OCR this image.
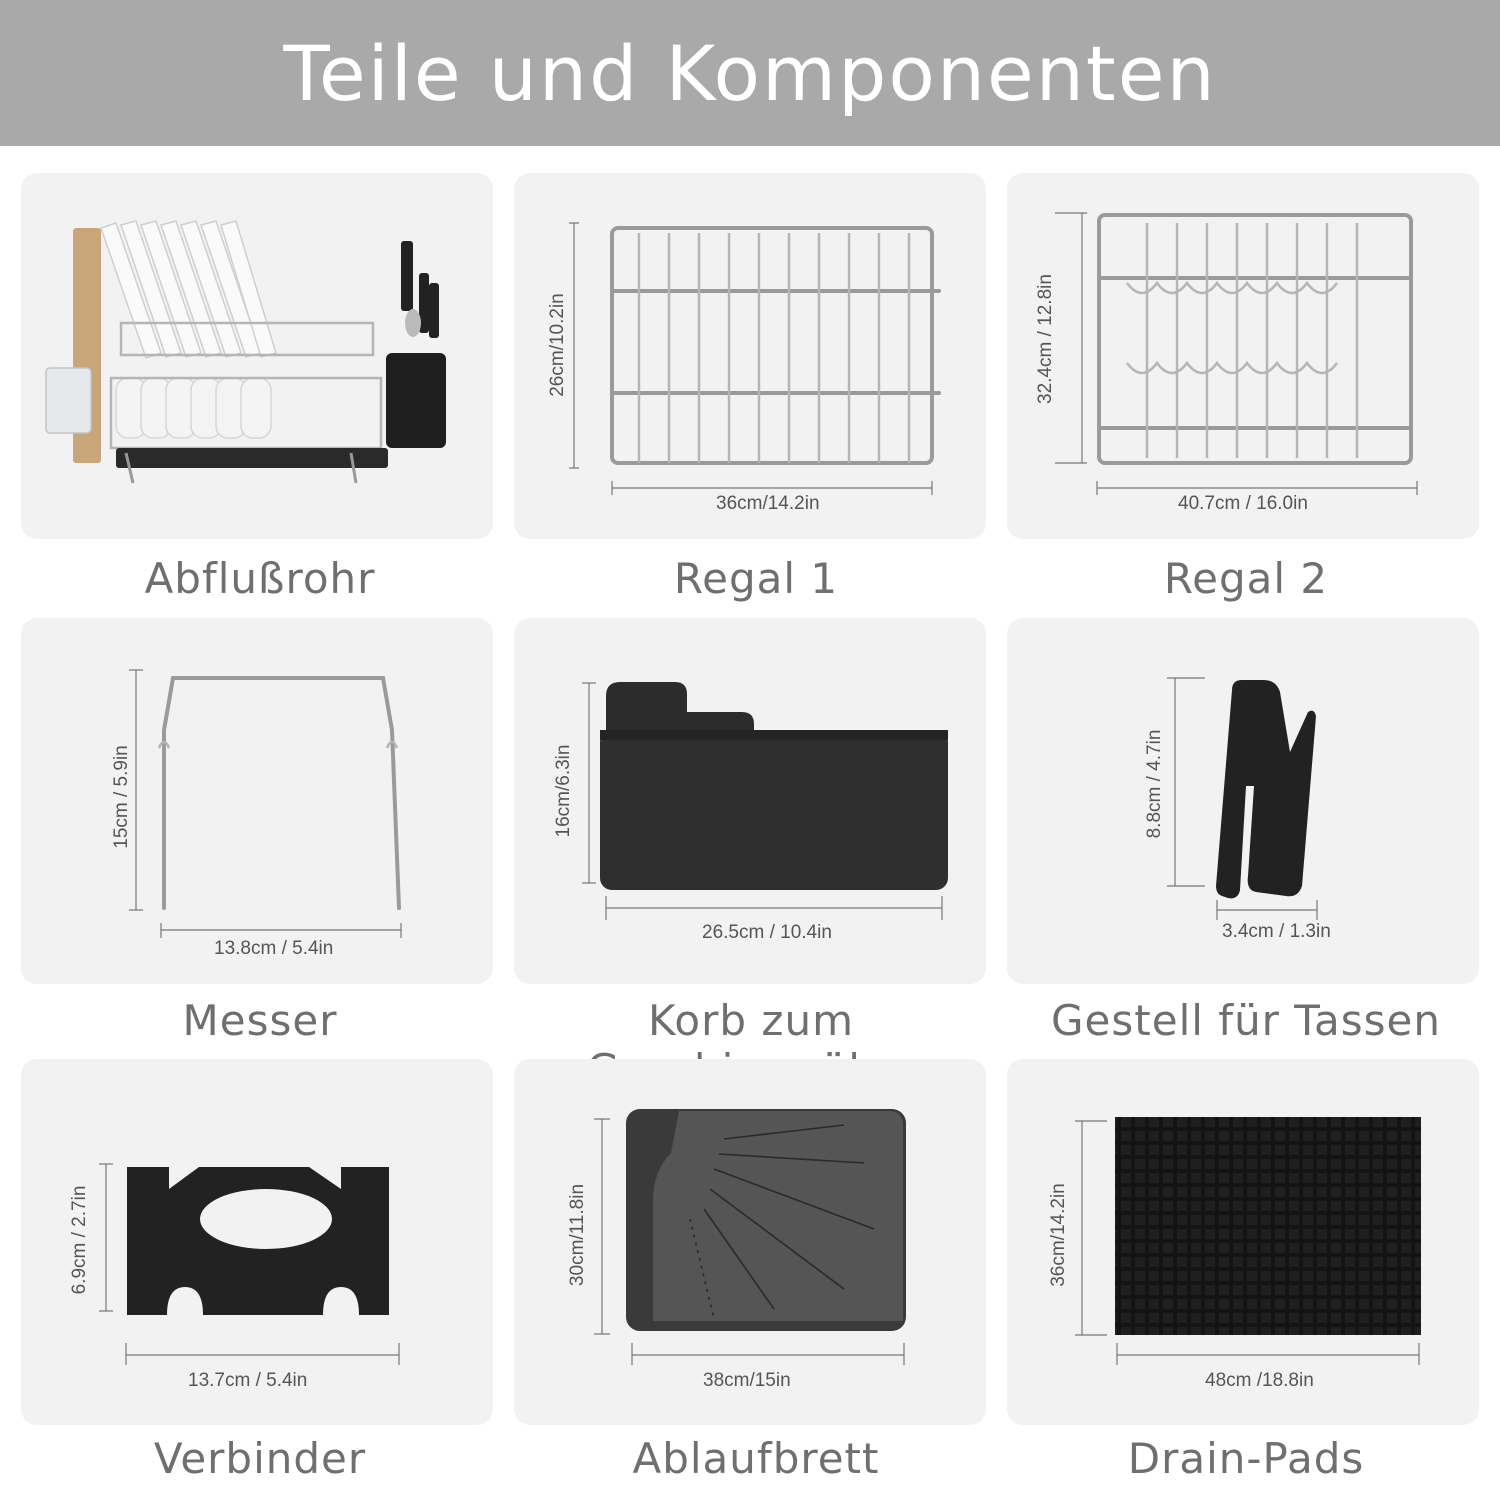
Teile und Komponenten
Abflußrohr	Regal 1	Regal 2
36cm/14.2in
26cm/10.2in
40.7cm / 16.0in
32.4cm / 12.8in
Messer	Korb zum	Gestell für Tassen
13.8cm / 5.4in
15cm / 5.9in
26.5cm / 10.4in
16cm/6.3in
3.4cm / 1.3in
8.8cm / 4.7in
Verbinder	Ablaufbrett	Drain-Pads
13.7cm / 5.4in
6.9cm / 2.7in
38cm/15in
30cm/11.8in
48cm /18.8in
36cm/14.2in
